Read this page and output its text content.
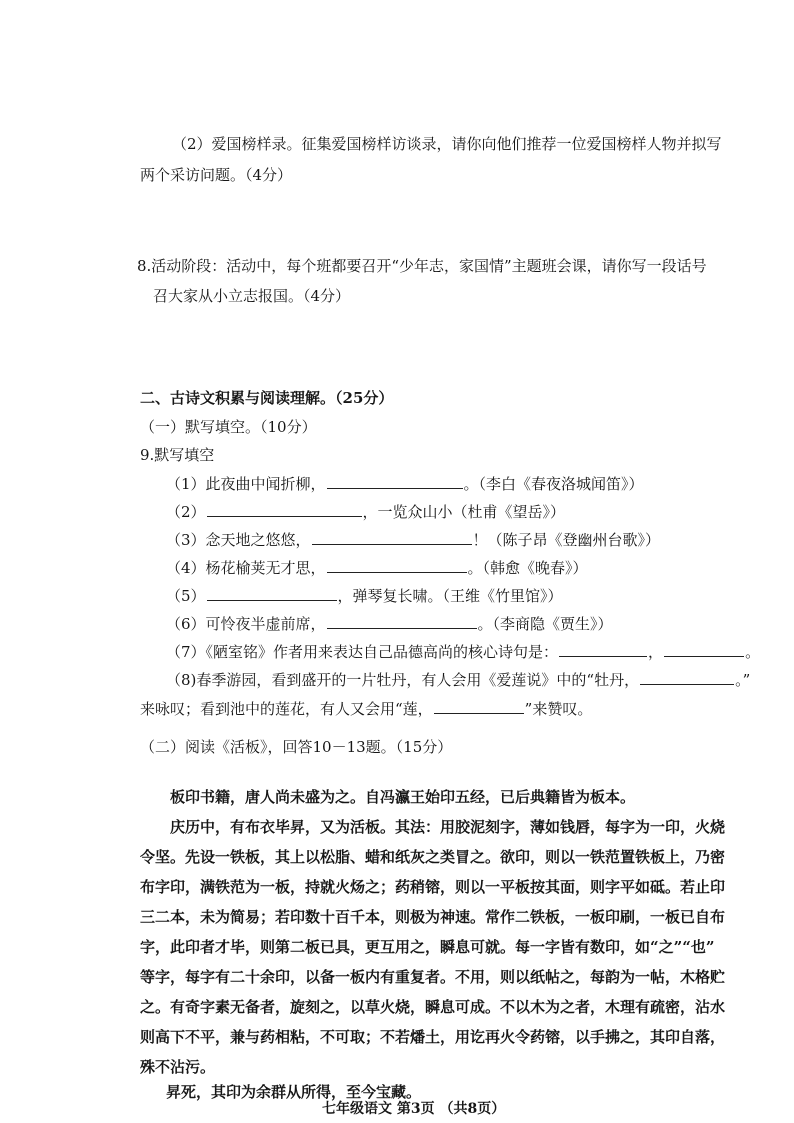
（2）爱国榜样录。征集爱国榜样访谈录，请你向他们推荐一位爱国榜样人物并拟写
两个采访问题。（4分）
8.活动阶段：活动中，每个班都要召开“少年志，家国情”主题班会课，请你写一段话号
召大家从小立志报国。（4分）
二、古诗文积累与阅读理解。（25分）
（一）默写填空。（10分）
9.默写填空
（1）此夜曲中闻折柳，	。（李白《春夜洛城闻笛》）
（2）	，一览众山小（杜甫《望岳》）
（3）念天地之悠悠，	！（陈子昂《登幽州台歌》）
（4）杨花榆荚无才思，	。（韩愈《晚春》）
（5）	，弹琴复长啸。（王维《竹里馆》）
（6）可怜夜半虚前席，	。（李商隐《贾生》）
（7）《陋室铭》作者用来表达自己品德高尚的核心诗句是：	，	。
（8)春季游园，看到盛开的一片牡丹，有人会用《爱莲说》中的“牡丹，	。”
来咏叹；看到池中的莲花，有人又会用“莲，	”来赞叹。
（二）阅读《活板》，回答10－13题。（15分）
板印书籍，唐人尚未盛为之。自冯瀛王始印五经，已后典籍皆为板本。
庆历中，有布衣毕昇，又为活板。其法：用胶泥刻字，薄如钱唇，每字为一印，火烧
令坚。先设一铁板，其上以松脂、蜡和纸灰之类冒之。欲印，则以一铁范置铁板上，乃密
布字印，满铁范为一板，持就火炀之；药稍镕，则以一平板按其面，则字平如砥。若止印
三二本，未为简易；若印数十百千本，则极为神速。常作二铁板，一板印刷，一板已自布
字，此印者才毕，则第二板已具，更互用之，瞬息可就。每一字皆有数印，如“之”“也”
等字，每字有二十余印，以备一板内有重复者。不用，则以纸帖之，每韵为一帖，木格贮
之。有奇字素无备者，旋刻之，以草火烧，瞬息可成。不以木为之者，木理有疏密，沾水
则高下不平，兼与药相粘，不可取；不若燔土，用讫再火令药镕，以手拂之，其印自落，
殊不沾污。
昇死，其印为余群从所得，至今宝藏。
七年级语文 第3页 （共8页）
